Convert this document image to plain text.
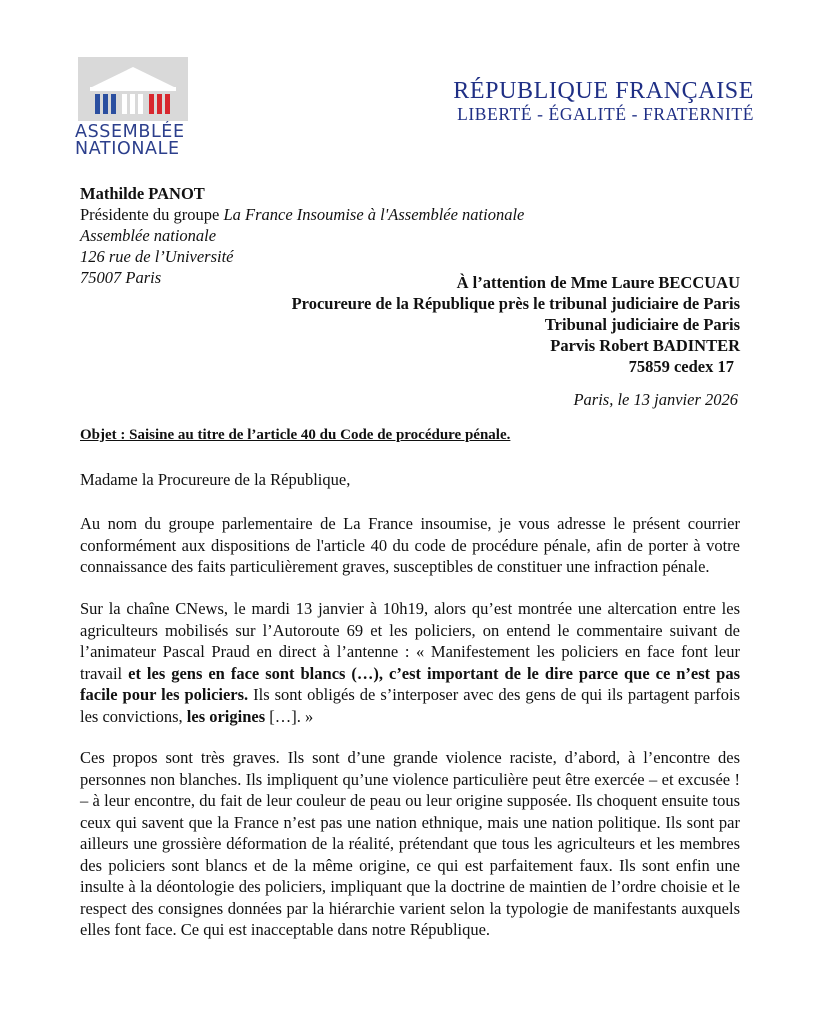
ASSEMBLÉE
NATIONALE
RÉPUBLIQUE FRANÇAISE
LIBERTÉ - ÉGALITÉ - FRATERNITÉ
Mathilde PANOT
Présidente du groupe La France Insoumise à l'Assemblée nationale
Assemblée nationale
126 rue de l’Université
75007 Paris	À l’attention de Mme Laure BECCUAU
Procureure de la République près le tribunal judiciaire de Paris
Tribunal judiciaire de Paris
Parvis Robert BADINTER
75859 cedex 17
Paris, le 13 janvier 2026
Objet : Saisine au titre de l’article 40 du Code de procédure pénale.
Madame la Procureure de la République,
Au nom du groupe parlementaire de La France insoumise, je vous adresse le présent courrier conformément aux dispositions de l'article 40 du code de procédure pénale, afin de porter à votre connaissance des faits particulièrement graves, susceptibles de constituer une infraction pénale.
Sur la chaîne CNews, le mardi 13 janvier à 10h19, alors qu’est montrée une altercation entre les agriculteurs mobilisés sur l’Autoroute 69 et les policiers, on entend le commentaire suivant de l’animateur Pascal Praud en direct à l’antenne : « Manifestement les policiers en face font leur travail et les gens en face sont blancs (…), c’est important de le dire parce que ce n’est pas facile pour les policiers. Ils sont obligés de s’interposer avec des gens de qui ils partagent parfois les convictions, les origines […]. »
Ces propos sont très graves. Ils sont d’une grande violence raciste, d’abord, à l’encontre des personnes non blanches. Ils impliquent qu’une violence particulière peut être exercée – et excusée ! – à leur encontre, du fait de leur couleur de peau ou leur origine supposée. Ils choquent ensuite tous ceux qui savent que la France n’est pas une nation ethnique, mais une nation politique. Ils sont par ailleurs une grossière déformation de la réalité, prétendant que tous les agriculteurs et les membres des policiers sont blancs et de la même origine, ce qui est parfaitement faux. Ils sont enfin une insulte à la déontologie des policiers, impliquant que la doctrine de maintien de l’ordre choisie et le respect des consignes données par la hiérarchie varient selon la typologie de manifestants auxquels elles font face. Ce qui est inacceptable dans notre République.
